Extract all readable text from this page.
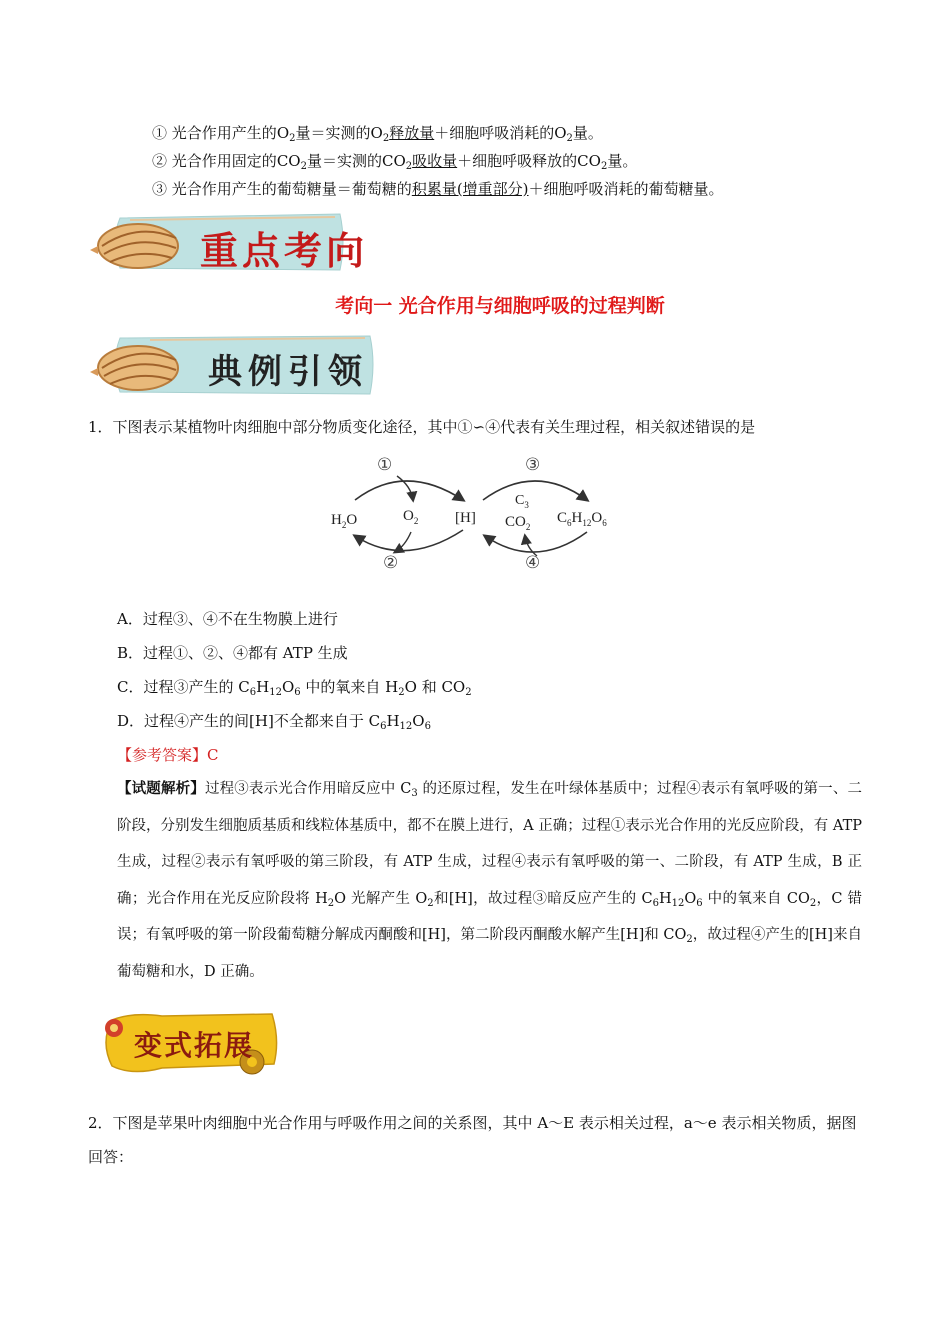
① 光合作用产生的$O_2$量＝实测的$O_2$释放量＋细胞呼吸消耗的$O_2$量。
② 光合作用固定的$CO_2$量＝实测的$CO_2$吸收量＋细胞呼吸释放的$CO_2$量。
③ 光合作用产生的葡萄糖量＝葡萄糖的积累量(增重部分)＋细胞呼吸消耗的葡萄糖量。
重点考向
考向一 光合作用与细胞呼吸的过程判断
典例引领
1．下图表示某植物叶肉细胞中部分物质变化途径，其中①∽④代表有关生理过程，相关叙述错误的是
①
②
③
④
$H_2O$	$O_2$ [H]
$C_3$
$CO_2$
$C_6H_{12}O_6$
A．过程③、④不在生物膜上进行
B．过程①、②、④都有 ATP 生成
C．过程③产生的 $C_6H_{12}O_6$ 中的氧来自 $H_2O$ 和 $CO_2$
D．过程④产生的间[H]不全都来自于 $C_6H_{12}O_6$
【参考答案】C
【试题解析】过程③表示光合作用暗反应中 $C_3$ 的还原过程，发生在叶绿体基质中；过程④表示有氧呼吸的第一、二阶段，分别发生细胞质基质和线粒体基质中，都不在膜上进行，A 正确；过程①表示光合作用的光反应阶段，有 ATP 生成，过程②表示有氧呼吸的第三阶段，有 ATP 生成，过程④表示有氧呼吸的第一、二阶段，有 ATP 生成，B 正确；光合作用在光反应阶段将 $H_2O$ 光解产生 $O_2$和[H]，故过程③暗反应产生的 $C_6H_{12}O_6$ 中的氧来自 $CO_2$，C 错误；有氧呼吸的第一阶段葡萄糖分解成丙酮酸和[H]，第二阶段丙酮酸水解产生[H]和 $CO_2$，故过程④产生的[H]来自葡萄糖和水，D 正确。
变式拓展
2．下图是苹果叶肉细胞中光合作用与呼吸作用之间的关系图，其中 A～E 表示相关过程，a～e 表示相关物质，据图回答：
